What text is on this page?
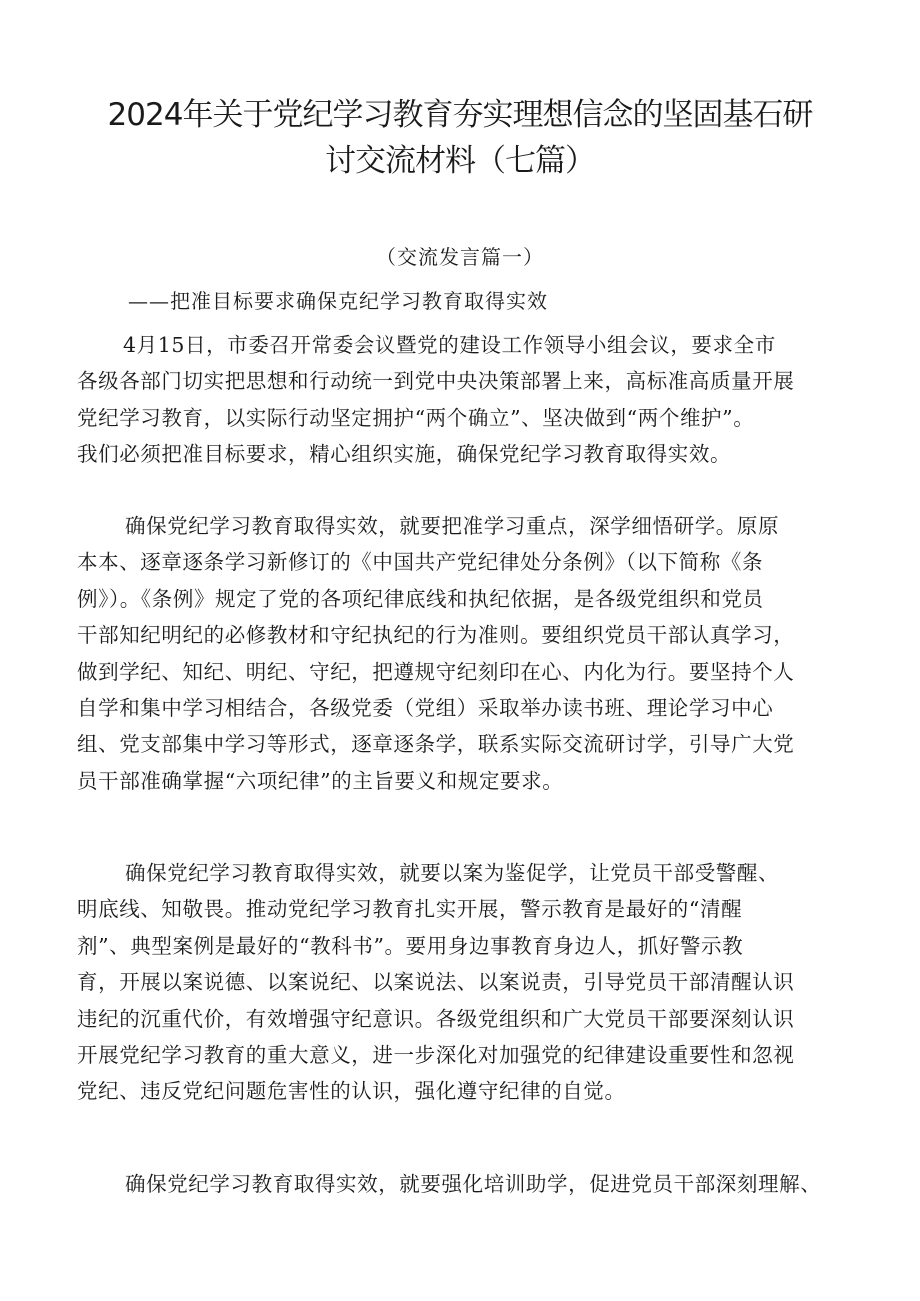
2024年关于党纪学习教育夯实理想信念的坚固基石研
讨交流材料（七篇）
（交流发言篇一）
——把准目标要求确保克纪学习教育取得实效
4月15日，市委召开常委会议暨党的建设工作领导小组会议，要求全市
各级各部门切实把思想和行动统一到党中央决策部署上来，高标准高质量开展
党纪学习教育，以实际行动坚定拥护“两个确立”、坚决做到“两个维护”。
我们必须把准目标要求，精心组织实施，确保党纪学习教育取得实效。
确保党纪学习教育取得实效，就要把准学习重点，深学细悟研学。原原
本本、逐章逐条学习新修订的《中国共产党纪律处分条例》（以下简称《条
例》）。《条例》规定了党的各项纪律底线和执纪依据，是各级党组织和党员
干部知纪明纪的必修教材和守纪执纪的行为准则。要组织党员干部认真学习，
做到学纪、知纪、明纪、守纪，把遵规守纪刻印在心、内化为行。要坚持个人
自学和集中学习相结合，各级党委（党组）采取举办读书班、理论学习中心
组、党支部集中学习等形式，逐章逐条学，联系实际交流研讨学，引导广大党
员干部准确掌握“六项纪律”的主旨要义和规定要求。
确保党纪学习教育取得实效，就要以案为鉴促学，让党员干部受警醒、
明底线、知敬畏。推动党纪学习教育扎实开展，警示教育是最好的“清醒
剂”、典型案例是最好的“教科书”。要用身边事教育身边人，抓好警示教
育，开展以案说德、以案说纪、以案说法、以案说责，引导党员干部清醒认识
违纪的沉重代价，有效增强守纪意识。各级党组织和广大党员干部要深刻认识
开展党纪学习教育的重大意义，进一步深化对加强党的纪律建设重要性和忽视
党纪、违反党纪问题危害性的认识，强化遵守纪律的自觉。
确保党纪学习教育取得实效，就要强化培训助学，促进党员干部深刻理解、
